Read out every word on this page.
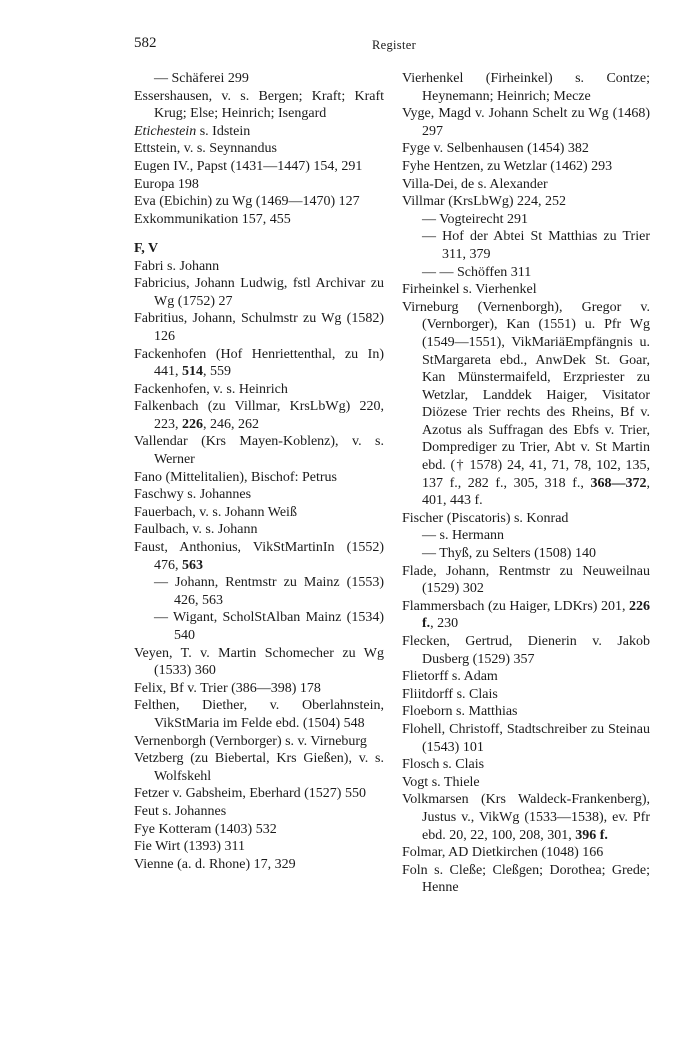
582	Register
— Schäferei 299
Essershausen, v. s. Bergen; Kraft; Kraft Krug; Else; Heinrich; Isengard
Etichestein s. Idstein
Ettstein, v. s. Seynnandus
Eugen IV., Papst (1431—1447) 154, 291
Europa 198
Eva (Ebichin) zu Wg (1469—1470) 127
Exkommunikation 157, 455
F, V
Fabri s. Johann
Fabricius, Johann Ludwig, fstl Archivar zu Wg (1752) 27
Fabritius, Johann, Schulmstr zu Wg (1582) 126
Fackenhofen (Hof Henriettenthal, zu In) 441, 514, 559
Fackenhofen, v. s. Heinrich
Falkenbach (zu Villmar, KrsLbWg) 220, 223, 226, 246, 262
Vallendar (Krs Mayen-Koblenz), v. s. Werner
Fano (Mittelitalien), Bischof: Petrus
Faschwy s. Johannes
Fauerbach, v. s. Johann Weiß
Faulbach, v. s. Johann
Faust, Anthonius, VikStMartinIn (1552) 476, 563
— Johann, Rentmstr zu Mainz (1553) 426, 563
— Wigant, ScholStAlban Mainz (1534) 540
Veyen, T. v. Martin Schomecher zu Wg (1533) 360
Felix, Bf v. Trier (386—398) 178
Felthen, Diether, v. Oberlahnstein, VikStMaria im Felde ebd. (1504) 548
Vernenborgh (Vernborger) s. v. Virneburg
Vetzberg (zu Biebertal, Krs Gießen), v. s. Wolfskehl
Fetzer v. Gabsheim, Eberhard (1527) 550
Feut s. Johannes
Fye Kotteram (1403) 532
Fie Wirt (1393) 311
Vienne (a. d. Rhone) 17, 329
Vierhenkel (Firheinkel) s. Contze; Heynemann; Heinrich; Mecze
Vyge, Magd v. Johann Schelt zu Wg (1468) 297
Fyge v. Selbenhausen (1454) 382
Fyhe Hentzen, zu Wetzlar (1462) 293
Villa-Dei, de s. Alexander
Villmar (KrsLbWg) 224, 252
— Vogteirecht 291
— Hof der Abtei St Matthias zu Trier 311, 379
— — Schöffen 311
Firheinkel s. Vierhenkel
Virneburg (Vernenborgh), Gregor v. (Vernborger), Kan (1551) u. Pfr Wg (1549—1551), VikMariäEmpfängnis u. StMargareta ebd., AnwDek St. Goar, Kan Münstermaifeld, Erzpriester zu Wetzlar, Landdek Haiger, Visitator Diözese Trier rechts des Rheins, Bf v. Azotus als Suffragan des Ebfs v. Trier, Domprediger zu Trier, Abt v. St Martin ebd. († 1578) 24, 41, 71, 78, 102, 135, 137 f., 282 f., 305, 318 f., 368—372, 401, 443 f.
Fischer (Piscatoris) s. Konrad
— s. Hermann
— Thyß, zu Selters (1508) 140
Flade, Johann, Rentmstr zu Neuweilnau (1529) 302
Flammersbach (zu Haiger, LDKrs) 201, 226 f., 230
Flecken, Gertrud, Dienerin v. Jakob Dusberg (1529) 357
Flietorff s. Adam
Fliitdorff s. Clais
Floeborn s. Matthias
Flohell, Christoff, Stadtschreiber zu Steinau (1543) 101
Flosch s. Clais
Vogt s. Thiele
Volkmarsen (Krs Waldeck-Frankenberg), Justus v., VikWg (1533—1538), ev. Pfr ebd. 20, 22, 100, 208, 301, 396 f.
Folmar, AD Dietkirchen (1048) 166
Foln s. Cleße; Cleßgen; Dorothea; Grede; Henne
